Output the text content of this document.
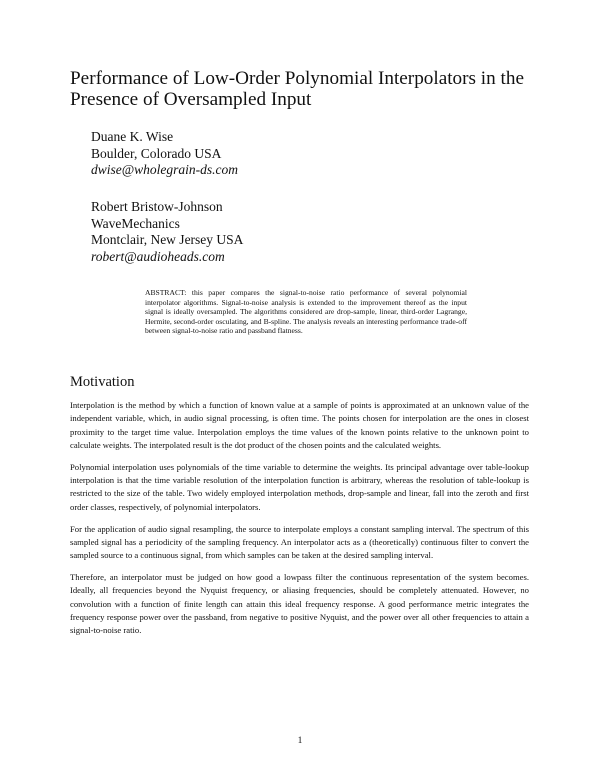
Performance of Low-Order Polynomial Interpolators in the Presence of Oversampled Input
Duane K. Wise
Boulder, Colorado USA
dwise@wholegrain-ds.com
Robert Bristow-Johnson
WaveMechanics
Montclair, New Jersey USA
robert@audioheads.com

ABSTRACT: this paper compares the signal-to-noise ratio performance of several polynomial interpolator algorithms. Signal-to-noise analysis is extended to the improvement thereof as the input signal is ideally oversampled. The algorithms considered are drop-sample, linear, third-order Lagrange, Hermite, second-order osculating, and B-spline. The analysis reveals an interesting performance trade-off between signal-to-noise ratio and passband flatness.

Motivation

Interpolation is the method by which a function of known value at a sample of points is approximated at an unknown value of the independent variable, which, in audio signal processing, is often time. The points chosen for interpolation are the ones in closest proximity to the target time value. Interpolation employs the time values of the known points relative to the unknown point to calculate weights. The interpolated result is the dot product of the chosen points and the calculated weights.

Polynomial interpolation uses polynomials of the time variable to determine the weights. Its principal advantage over table-lookup interpolation is that the time variable resolution of the interpolation function is arbitrary, whereas the resolution of table-lookup is restricted to the size of the table. Two widely employed interpolation methods, drop-sample and linear, fall into the zeroth and first order classes, respectively, of polynomial interpolators.

For the application of audio signal resampling, the source to interpolate employs a constant sampling interval. The spectrum of this sampled signal has a periodicity of the sampling frequency. An interpolator acts as a (theoretically) continuous filter to convert the sampled source to a continuous signal, from which samples can be taken at the desired sampling interval.

Therefore, an interpolator must be judged on how good a lowpass filter the continuous representation of the system becomes. Ideally, all frequencies beyond the Nyquist frequency, or aliasing frequencies, should be completely attenuated. However, no convolution with a function of finite length can attain this ideal frequency response. A good performance metric integrates the frequency response power over the passband, from negative to positive Nyquist, and the power over all other frequencies to attain a signal-to-noise ratio.

1
